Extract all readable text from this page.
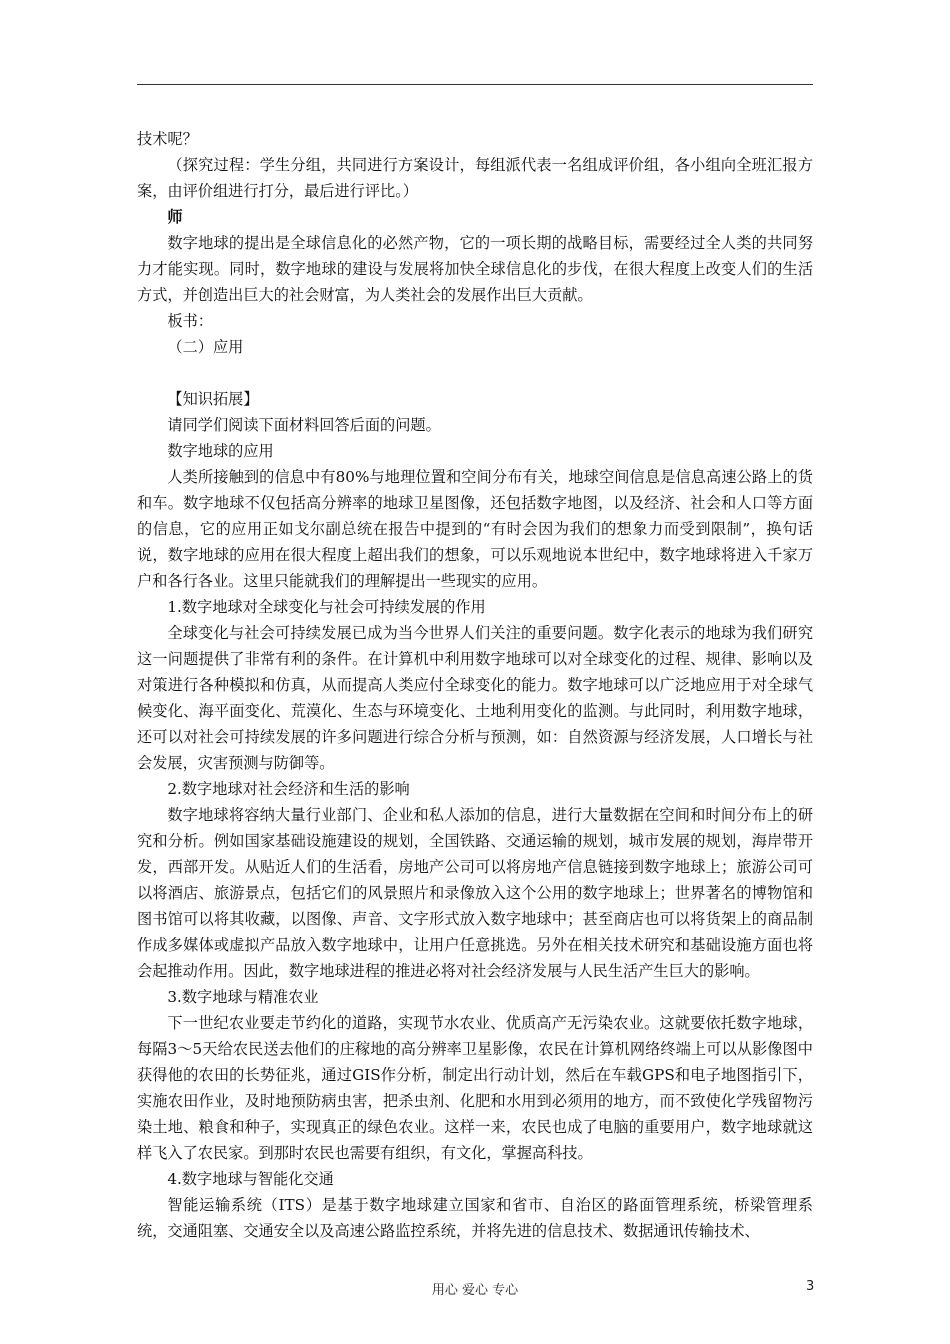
技术呢？

（探究过程：学生分组，共同进行方案设计，每组派代表一名组成评价组，各小组向全班汇报方案，由评价组进行打分，最后进行评比。）

师

数字地球的提出是全球信息化的必然产物，它的一项长期的战略目标，需要经过全人类的共同努力才能实现。同时，数字地球的建设与发展将加快全球信息化的步伐，在很大程度上改变人们的生活方式，并创造出巨大的社会财富，为人类社会的发展作出巨大贡献。

板书：

（二）应用

【知识拓展】

请同学们阅读下面材料回答后面的问题。

数字地球的应用

人类所接触到的信息中有80%与地理位置和空间分布有关，地球空间信息是信息高速公路上的货和车。数字地球不仅包括高分辨率的地球卫星图像，还包括数字地图，以及经济、社会和人口等方面的信息，它的应用正如戈尔副总统在报告中提到的“有时会因为我们的想象力而受到限制”，换句话说，数字地球的应用在很大程度上超出我们的想象，可以乐观地说本世纪中，数字地球将进入千家万户和各行各业。这里只能就我们的理解提出一些现实的应用。

1.数字地球对全球变化与社会可持续发展的作用

全球变化与社会可持续发展已成为当今世界人们关注的重要问题。数字化表示的地球为我们研究这一问题提供了非常有利的条件。在计算机中利用数字地球可以对全球变化的过程、规律、影响以及对策进行各种模拟和仿真，从而提高人类应付全球变化的能力。数字地球可以广泛地应用于对全球气候变化、海平面变化、荒漠化、生态与环境变化、土地利用变化的监测。与此同时，利用数字地球，还可以对社会可持续发展的许多问题进行综合分析与预测，如：自然资源与经济发展，人口增长与社会发展，灾害预测与防御等。

2.数字地球对社会经济和生活的影响

数字地球将容纳大量行业部门、企业和私人添加的信息，进行大量数据在空间和时间分布上的研究和分析。例如国家基础设施建设的规划，全国铁路、交通运输的规划，城市发展的规划，海岸带开发，西部开发。从贴近人们的生活看，房地产公司可以将房地产信息链接到数字地球上；旅游公司可以将酒店、旅游景点，包括它们的风景照片和录像放入这个公用的数字地球上；世界著名的博物馆和图书馆可以将其收藏，以图像、声音、文字形式放入数字地球中；甚至商店也可以将货架上的商品制作成多媒体或虚拟产品放入数字地球中，让用户任意挑选。另外在相关技术研究和基础设施方面也将会起推动作用。因此，数字地球进程的推进必将对社会经济发展与人民生活产生巨大的影响。

3.数字地球与精准农业

下一世纪农业要走节约化的道路，实现节水农业、优质高产无污染农业。这就要依托数字地球，每隔3～5天给农民送去他们的庄稼地的高分辨率卫星影像，农民在计算机网络终端上可以从影像图中获得他的农田的长势征兆，通过GIS作分析，制定出行动计划，然后在车载GPS和电子地图指引下，实施农田作业，及时地预防病虫害，把杀虫剂、化肥和水用到必须用的地方，而不致使化学残留物污染土地、粮食和种子，实现真正的绿色农业。这样一来，农民也成了电脑的重要用户，数字地球就这样飞入了农民家。到那时农民也需要有组织，有文化，掌握高科技。

4.数字地球与智能化交通

智能运输系统（ITS）是基于数字地球建立国家和省市、自治区的路面管理系统，桥梁管理系统，交通阻塞、交通安全以及高速公路监控系统，并将先进的信息技术、数据通讯传输技术、

用心 爱心 专心	3
